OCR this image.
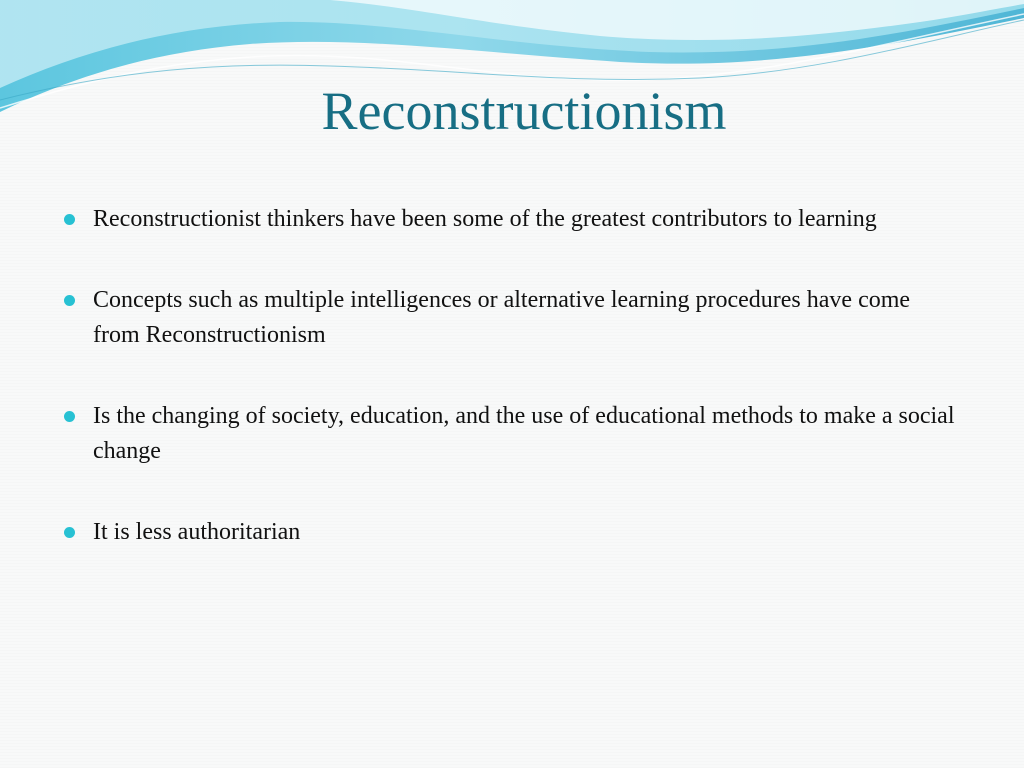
Reconstructionism
Reconstructionist thinkers have been some of the greatest contributors to learning
Concepts such as multiple intelligences or alternative learning procedures have come from Reconstructionism
Is the changing of society, education, and the use of educational methods to make a social change
It is less authoritarian
